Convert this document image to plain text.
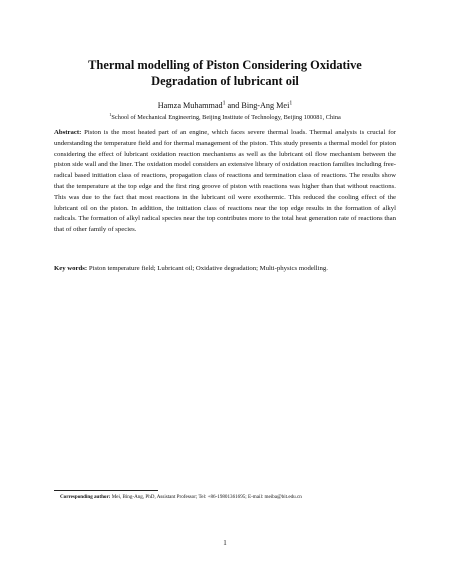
Thermal modelling of Piston Considering Oxidative
Degradation of lubricant oil
Hamza Muhammad$^1$ and Bing-Ang Mei$^1$
$^1$School of Mechanical Engineering, Beijing Institute of Technology, Beijing 100081, China
Abstract: Piston is the most heated part of an engine, which faces severe thermal loads. Thermal analysis is crucial for understanding the temperature field and for thermal management of the piston. This study presents a thermal model for piston considering the effect of lubricant oxidation reaction mechanisms as well as the lubricant oil flow mechanism between the piston side wall and the liner. The oxidation model considers an extensive library of oxidation reaction families including free-radical based initiation class of reactions, propagation class of reactions and termination class of reactions. The results show that the temperature at the top edge and the first ring groove of piston with reactions was higher than that without reactions. This was due to the fact that most reactions in the lubricant oil were exothermic. This reduced the cooling effect of the lubricant oil on the piston. In addition, the initiation class of reactions near the top edge results in the formation of alkyl radicals. The formation of alkyl radical species near the top contributes more to the total heat generation rate of reactions than that of other family of species.
Key words: Piston temperature field; Lubricant oil; Oxidative degradation; Multi-physics modelling.
Corresponding author: Mei, Bing-Ang, PhD, Assistant Professor; Tel: +86-19801361695; E-mail: meiba@bit.edu.cn
1
